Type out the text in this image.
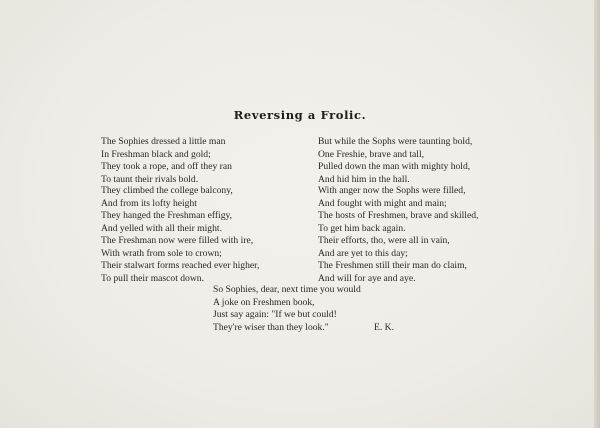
Reversing a Frolic.
The Sophies dressed a little man
In Freshman black and gold;
They took a rope, and off they ran
To taunt their rivals bold.
They climbed the college balcony,
And from its lofty height
They hanged the Freshman effigy,
And yelled with all their might.
The Freshman now were filled with ire,
With wrath from sole to crown;
Their stalwart forms reached ever higher,
To pull their mascot down.
But while the Sophs were taunting bold,
One Freshie, brave and tall,
Pulled down the man with mighty hold,
And hid him in the hall.
With anger now the Sophs were filled,
And fought with might and main;
The hosts of Freshmen, brave and skilled,
To get him back again.
Their efforts, tho, were all in vain,
And are yet to this day;
The Freshmen still their man do claim,
And will for aye and aye.
So Sophies, dear, next time you would
A joke on Freshmen book,
Just say again: "If we but could!
They're wiser than they look."	E. K.
